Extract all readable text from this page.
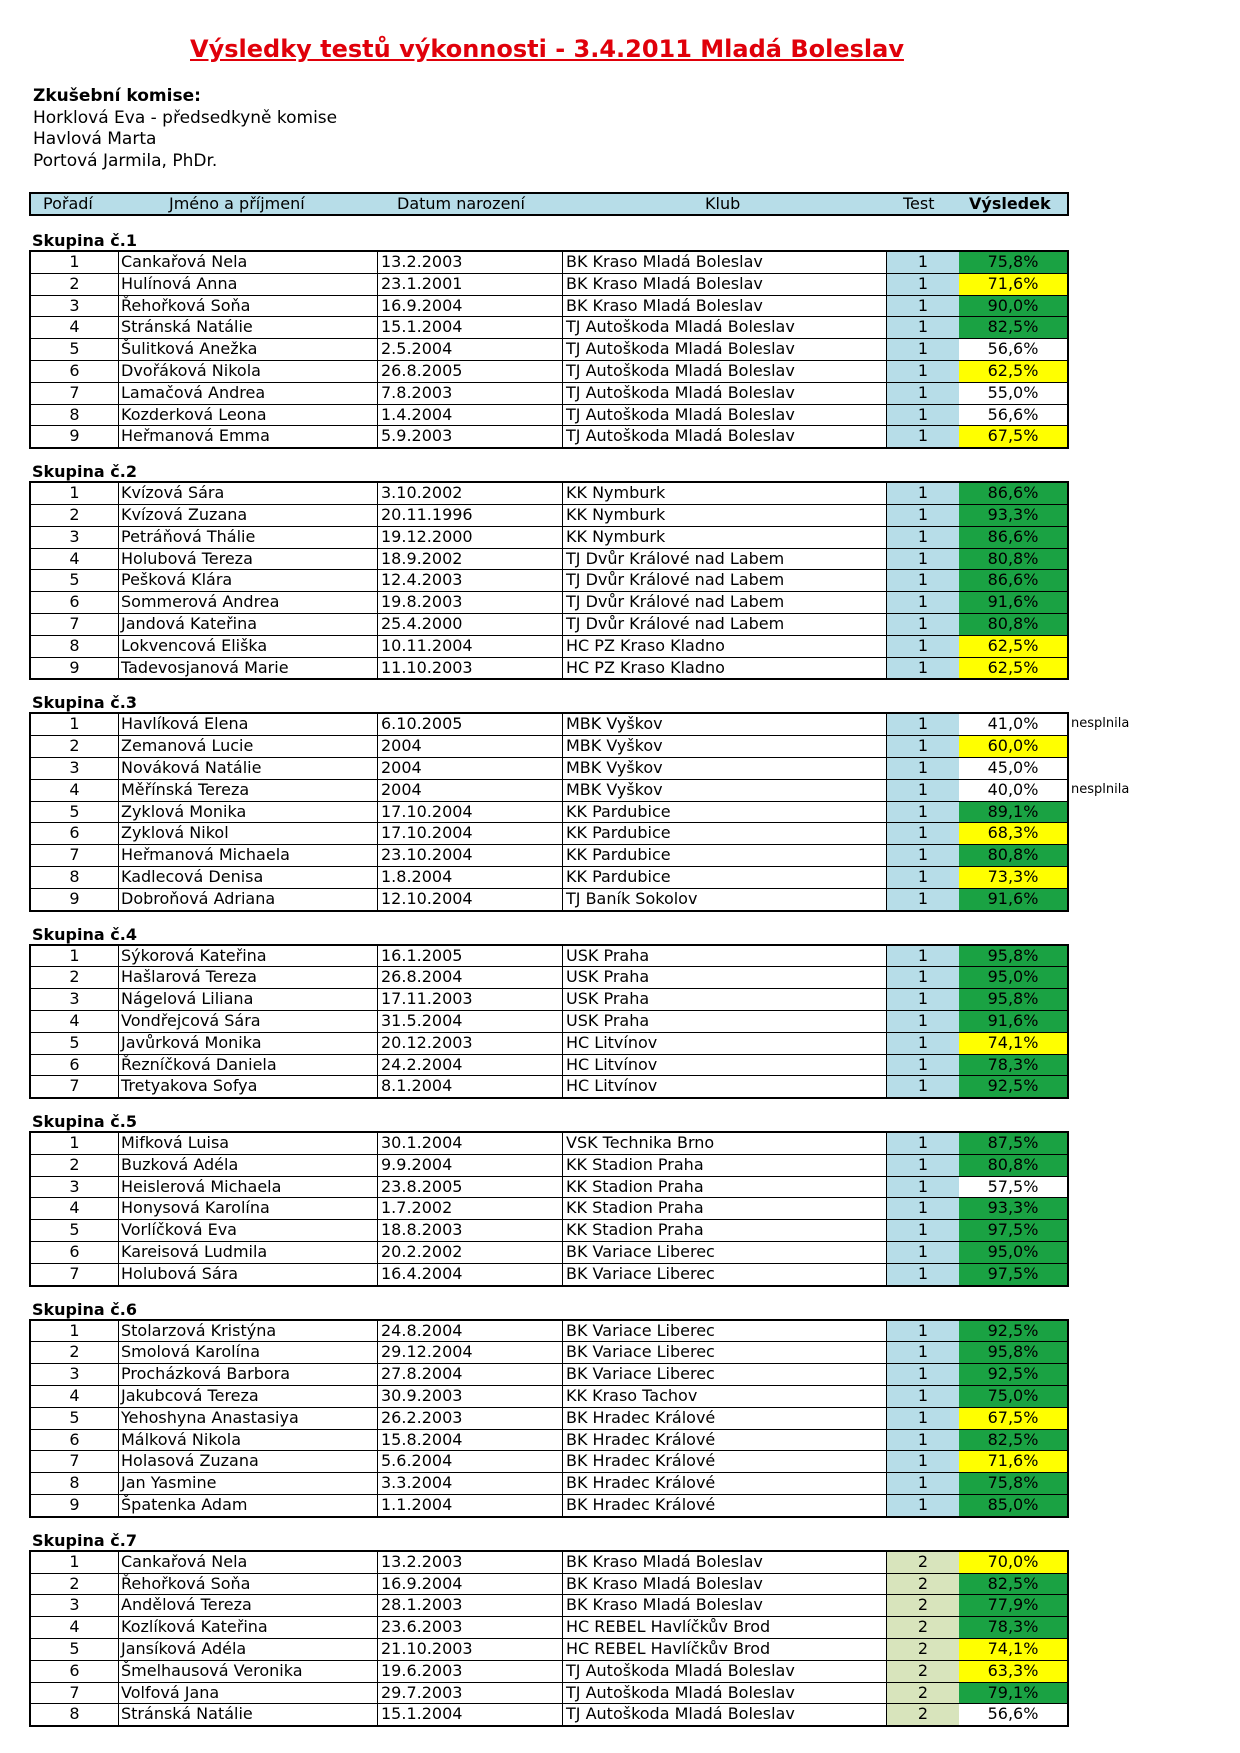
Výsledky testů výkonnosti - 3.4.2011 Mladá Boleslav
Zkušební komise:
Horklová Eva - předsedkyně komise
Havlová Marta
Portová Jarmila, PhDr.
Pořadí	Jméno a příjmení	Datum narození	Klub	Test Výsledek
Skupina č.1
1	Cankařová Nela	13.2.2003	BK Kraso Mladá Boleslav	1	75,8%
2	Hulínová Anna	23.1.2001	BK Kraso Mladá Boleslav	1	71,6%
3	Řehořková Soňa	16.9.2004	BK Kraso Mladá Boleslav	1	90,0%
4	Stránská Natálie	15.1.2004	TJ Autoškoda Mladá Boleslav	1	82,5%
5	Šulitková Anežka	2.5.2004	TJ Autoškoda Mladá Boleslav	1	56,6%
6	Dvořáková Nikola	26.8.2005	TJ Autoškoda Mladá Boleslav	1	62,5%
7	Lamačová Andrea	7.8.2003	TJ Autoškoda Mladá Boleslav	1	55,0%
8	Kozderková Leona	1.4.2004	TJ Autoškoda Mladá Boleslav	1	56,6%
9	Heřmanová Emma	5.9.2003	TJ Autoškoda Mladá Boleslav	1	67,5%
Skupina č.2
1	Kvízová Sára	3.10.2002	KK Nymburk	1	86,6%
2	Kvízová Zuzana	20.11.1996	KK Nymburk	1	93,3%
3	Petráňová Thálie	19.12.2000	KK Nymburk	1	86,6%
4	Holubová Tereza	18.9.2002	TJ Dvůr Králové nad Labem	1	80,8%
5	Pešková Klára	12.4.2003	TJ Dvůr Králové nad Labem	1	86,6%
6	Sommerová Andrea	19.8.2003	TJ Dvůr Králové nad Labem	1	91,6%
7	Jandová Kateřina	25.4.2000	TJ Dvůr Králové nad Labem	1	80,8%
8	Lokvencová Eliška	10.11.2004	HC PZ Kraso Kladno	1	62,5%
9	Tadevosjanová Marie	11.10.2003	HC PZ Kraso Kladno	1	62,5%
Skupina č.3
1	Havlíková Elena	6.10.2005	MBK Vyškov	1	41,0%	nesplnila
2	Zemanová Lucie	2004	MBK Vyškov	1	60,0%
3	Nováková Natálie	2004	MBK Vyškov	1	45,0%
4	Měřínská Tereza	2004	MBK Vyškov	1	40,0%	nesplnila
5	Zyklová Monika	17.10.2004	KK Pardubice	1	89,1%
6	Zyklová Nikol	17.10.2004	KK Pardubice	1	68,3%
7	Heřmanová Michaela	23.10.2004	KK Pardubice	1	80,8%
8	Kadlecová Denisa	1.8.2004	KK Pardubice	1	73,3%
9	Dobroňová Adriana	12.10.2004	TJ Baník Sokolov	1	91,6%
Skupina č.4
1	Sýkorová Kateřina	16.1.2005	USK Praha	1	95,8%
2	Hašlarová Tereza	26.8.2004	USK Praha	1	95,0%
3	Nágelová Liliana	17.11.2003	USK Praha	1	95,8%
4	Vondřejcová Sára	31.5.2004	USK Praha	1	91,6%
5	Javůrková Monika	20.12.2003	HC Litvínov	1	74,1%
6	Řezníčková Daniela	24.2.2004	HC Litvínov	1	78,3%
7	Tretyakova Sofya	8.1.2004	HC Litvínov	1	92,5%
Skupina č.5
1	Mifková Luisa	30.1.2004	VSK Technika Brno	1	87,5%
2	Buzková Adéla	9.9.2004	KK Stadion Praha	1	80,8%
3	Heislerová Michaela	23.8.2005	KK Stadion Praha	1	57,5%
4	Honysová Karolína	1.7.2002	KK Stadion Praha	1	93,3%
5	Vorlíčková Eva	18.8.2003	KK Stadion Praha	1	97,5%
6	Kareisová Ludmila	20.2.2002	BK Variace Liberec	1	95,0%
7	Holubová Sára	16.4.2004	BK Variace Liberec	1	97,5%
Skupina č.6
1	Stolarzová Kristýna	24.8.2004	BK Variace Liberec	1	92,5%
2	Smolová Karolína	29.12.2004	BK Variace Liberec	1	95,8%
3	Procházková Barbora	27.8.2004	BK Variace Liberec	1	92,5%
4	Jakubcová Tereza	30.9.2003	KK Kraso Tachov	1	75,0%
5	Yehoshyna Anastasiya	26.2.2003	BK Hradec Králové	1	67,5%
6	Málková Nikola	15.8.2004	BK Hradec Králové	1	82,5%
7	Holasová Zuzana	5.6.2004	BK Hradec Králové	1	71,6%
8	Jan Yasmine	3.3.2004	BK Hradec Králové	1	75,8%
9	Špatenka Adam	1.1.2004	BK Hradec Králové	1	85,0%
Skupina č.7
1	Cankařová Nela	13.2.2003	BK Kraso Mladá Boleslav	2	70,0%
2	Řehořková Soňa	16.9.2004	BK Kraso Mladá Boleslav	2	82,5%
3	Andělová Tereza	28.1.2003	BK Kraso Mladá Boleslav	2	77,9%
4	Kozlíková Kateřina	23.6.2003	HC REBEL Havlíčkův Brod	2	78,3%
5	Jansíková Adéla	21.10.2003	HC REBEL Havlíčkův Brod	2	74,1%
6	Šmelhausová Veronika	19.6.2003	TJ Autoškoda Mladá Boleslav	2	63,3%
7	Volfová Jana	29.7.2003	TJ Autoškoda Mladá Boleslav	2	79,1%
8	Stránská Natálie	15.1.2004	TJ Autoškoda Mladá Boleslav	2	56,6%
